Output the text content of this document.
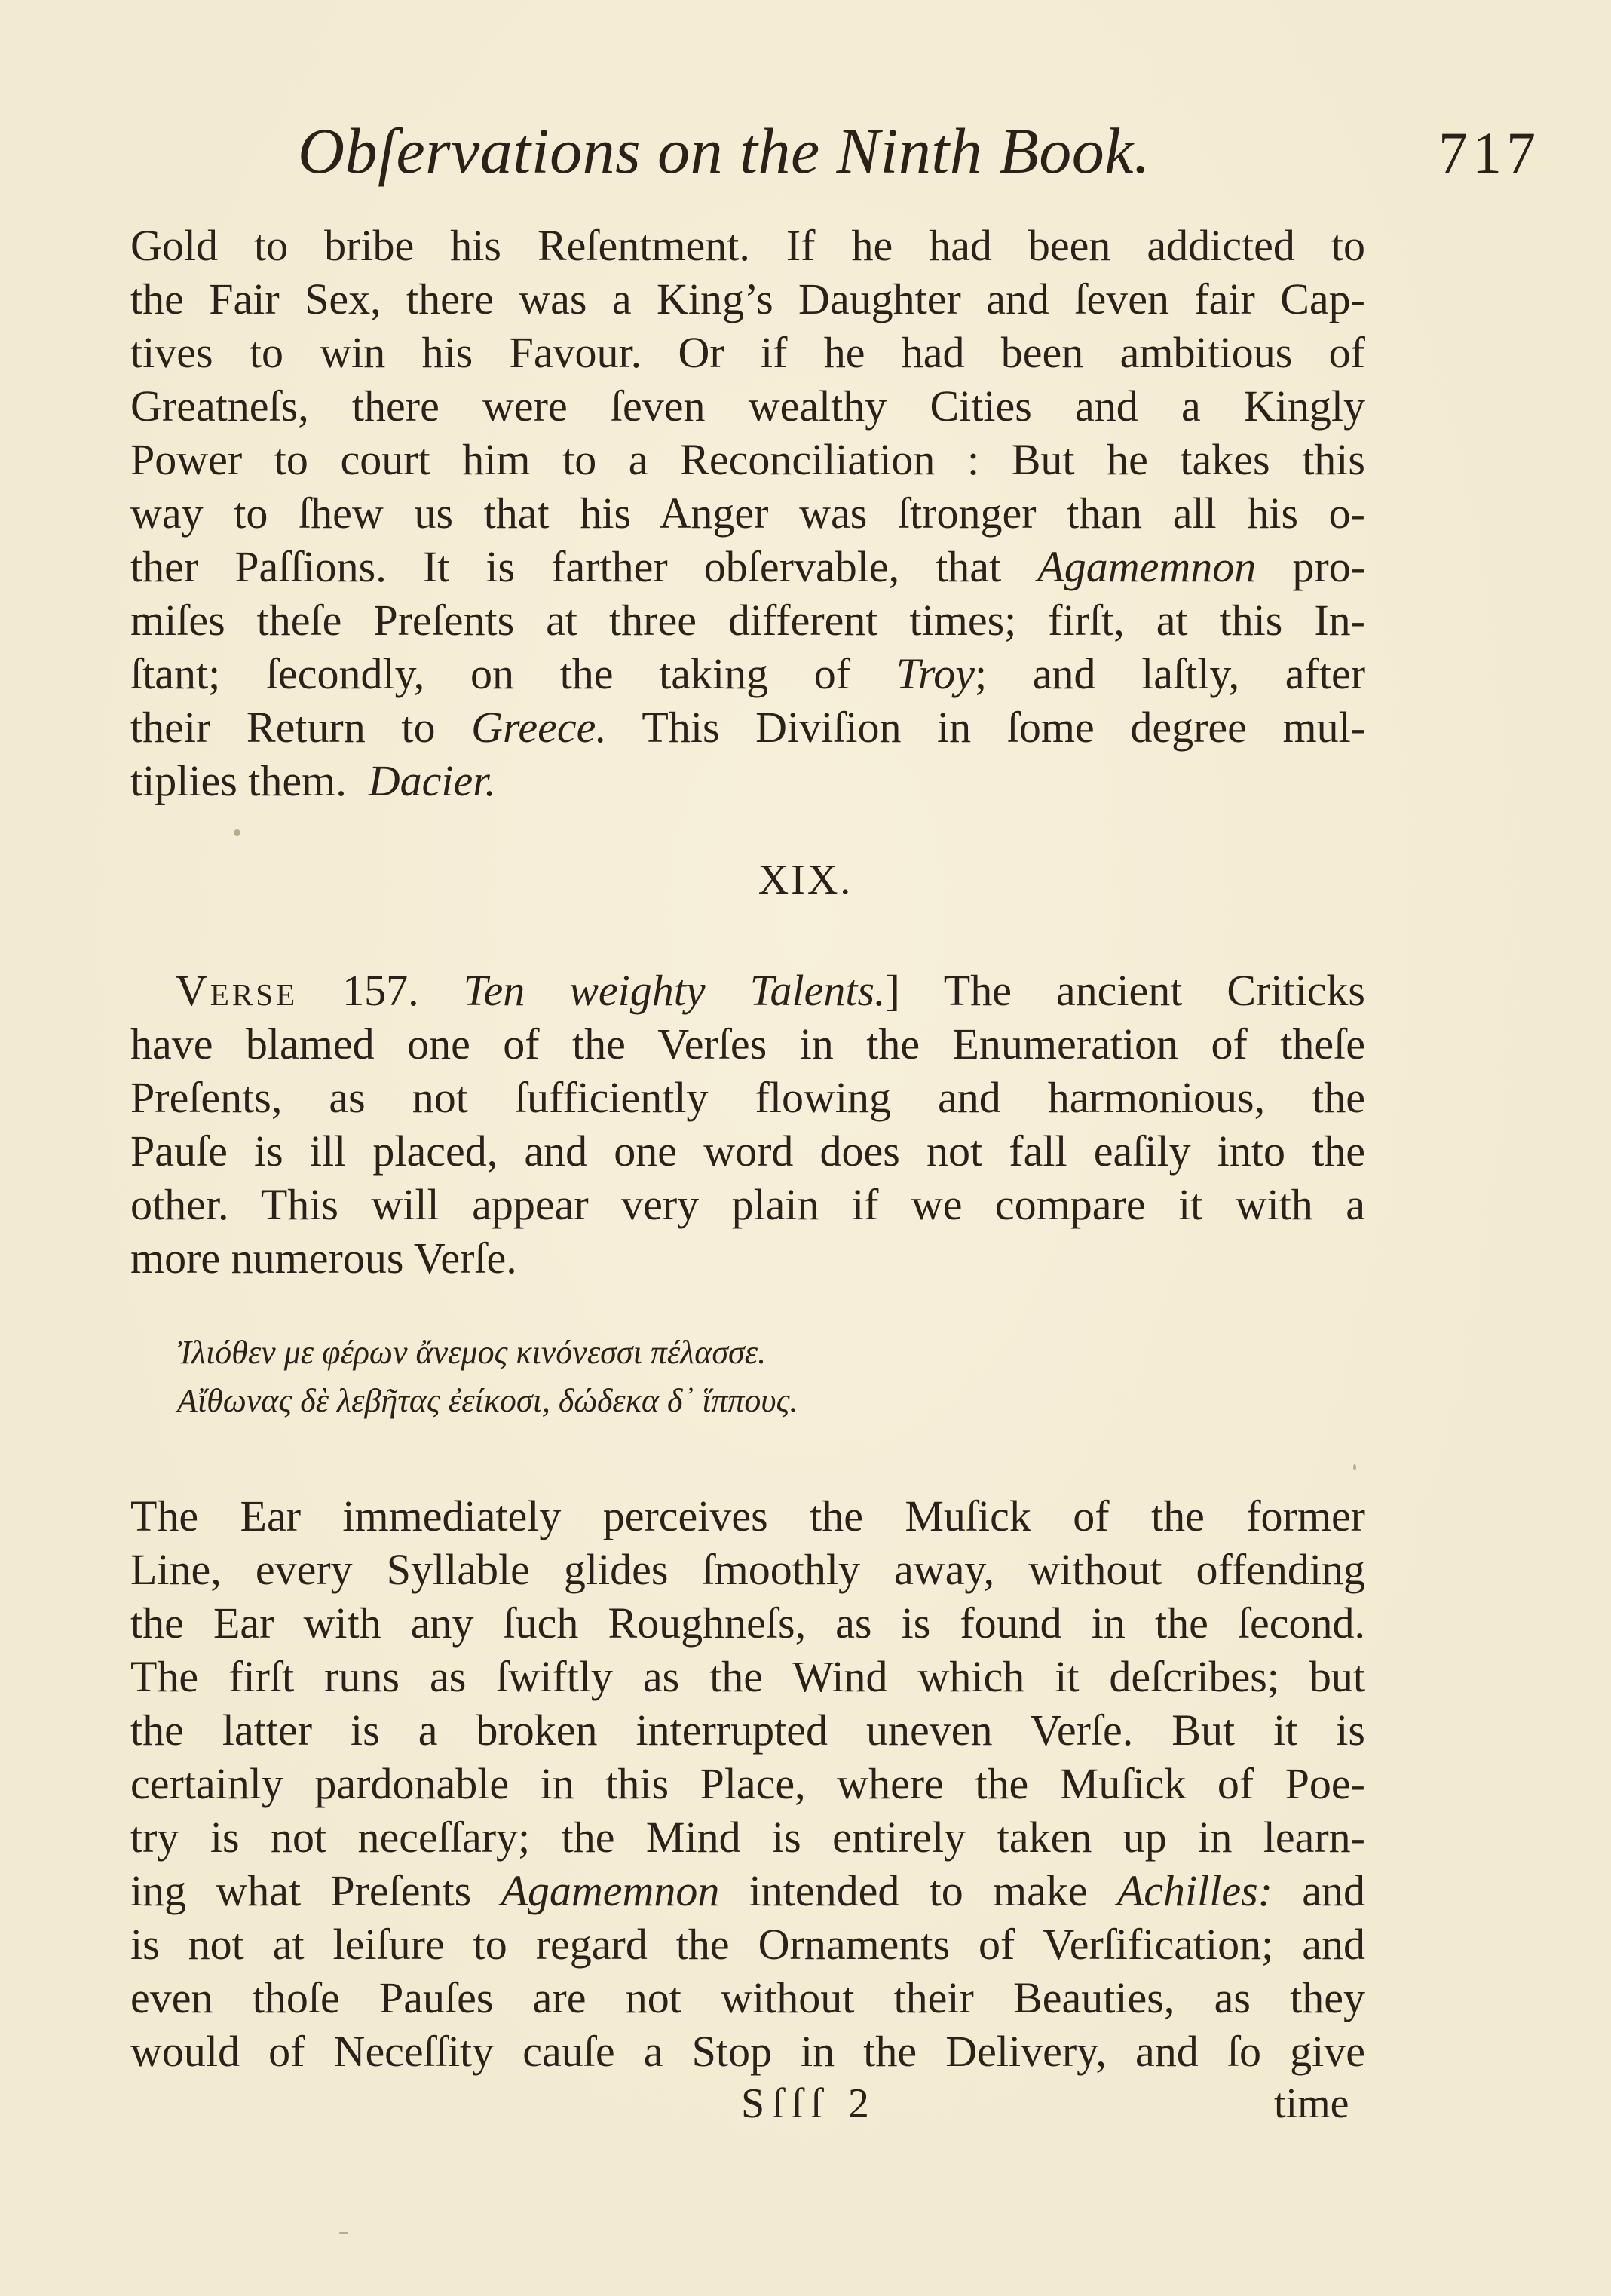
Obſervations on the Ninth Book.	717
Gold to bribe his Reſentment. If he had been addicted to
the Fair Sex, there was a King’s Daughter and ſeven fair Cap-
tives to win his Favour. Or if he had been ambitious of
Greatneſs, there were ſeven wealthy Cities and a Kingly
Power to court him to a Reconciliation : But he takes this
way to ſhew us that his Anger was ſtronger than all his o-
ther Paſſions. It is farther obſervable, that Agamemnon pro-
miſes theſe Preſents at three different times; firſt, at this In-
ſtant; ſecondly, on the taking of Troy; and laſtly, after
their Return to Greece. This Diviſion in ſome degree mul-
tiplies them. Dacier.
XIX.
Verse 157. Ten weighty Talents.] The ancient Criticks
have blamed one of the Verſes in the Enumeration of theſe
Preſents, as not ſufficiently flowing and harmonious, the
Pauſe is ill placed, and one word does not fall eaſily into the
other. This will appear very plain if we compare it with a
more numerous Verſe.
Ἰλιόθεν με φέρων ἄνεμος κινόνεσσι πέλασσε.
Αἴθωνας δὲ λεβῆτας ἐείκοσι, δώδεκα δ᾽ ἵππους.
The Ear immediately perceives the Muſick of the former
Line, every Syllable glides ſmoothly away, without offending
the Ear with any ſuch Roughneſs, as is found in the ſecond.
The firſt runs as ſwiftly as the Wind which it deſcribes; but
the latter is a broken interrupted uneven Verſe. But it is
certainly pardonable in this Place, where the Muſick of Poe-
try is not neceſſary; the Mind is entirely taken up in learn-
ing what Preſents Agamemnon intended to make Achilles: and
is not at leiſure to regard the Ornaments of Verſification; and
even thoſe Pauſes are not without their Beauties, as they
would of Neceſſity cauſe a Stop in the Delivery, and ſo give
Sſſſ 2	time
